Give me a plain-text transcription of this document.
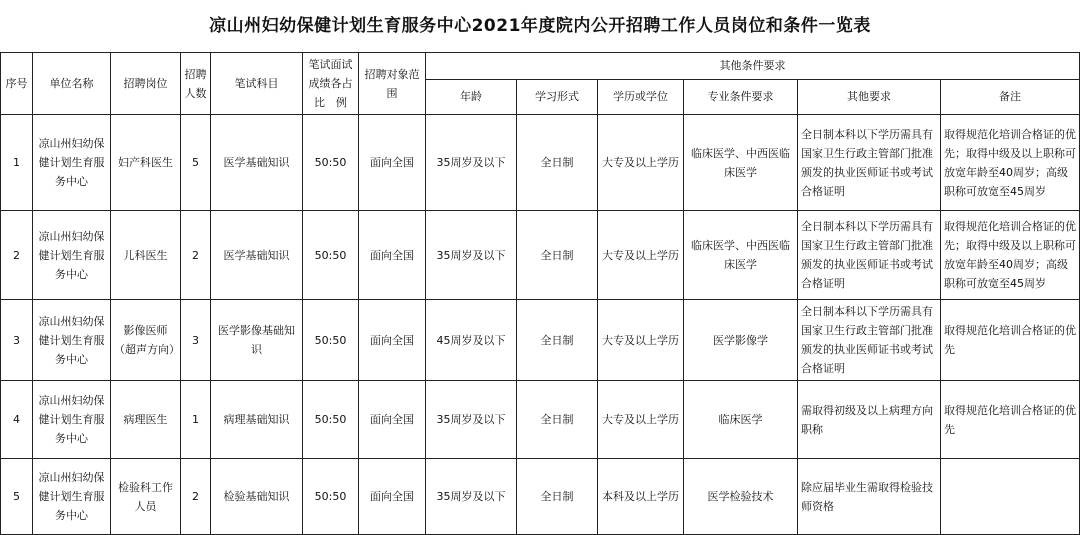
凉山州妇幼保健计划生育服务中心2021年度院内公开招聘工作人员岗位和条件一览表
序号	单位名称	招聘岗位	招聘人数	笔试科目	笔试面试成绩各占比　例	招聘对象范围	其他条件要求					
							年龄	学习形式	学历或学位	专业条件要求	其他要求	备注
1	凉山州妇幼保健计划生育服务中心	妇产科医生	5	医学基础知识	50:50	面向全国	35周岁及以下	全日制	大专及以上学历	临床医学、中西医临床医学	全日制本科以下学历需具有国家卫生行政主管部门批准颁发的执业医师证书或考试合格证明	取得规范化培训合格证的优先；取得中级及以上职称可放宽年龄至40周岁；高级职称可放宽至45周岁
2	凉山州妇幼保健计划生育服务中心	儿科医生	2	医学基础知识	50:50	面向全国	35周岁及以下	全日制	大专及以上学历	临床医学、中西医临床医学	全日制本科以下学历需具有国家卫生行政主管部门批准颁发的执业医师证书或考试合格证明	取得规范化培训合格证的优先；取得中级及以上职称可放宽年龄至40周岁；高级职称可放宽至45周岁
3	凉山州妇幼保健计划生育服务中心	影像医师（超声方向）	3	医学影像基础知识	50:50	面向全国	45周岁及以下	全日制	大专及以上学历	医学影像学	全日制本科以下学历需具有国家卫生行政主管部门批准颁发的执业医师证书或考试合格证明	取得规范化培训合格证的优先
4	凉山州妇幼保健计划生育服务中心	病理医生	1	病理基础知识	50:50	面向全国	35周岁及以下	全日制	大专及以上学历	临床医学	需取得初级及以上病理方向职称	取得规范化培训合格证的优先
5	凉山州妇幼保健计划生育服务中心	检验科工作人员	2	检验基础知识	50:50	面向全国	35周岁及以下	全日制	本科及以上学历	医学检验技术	除应届毕业生需取得检验技师资格	
